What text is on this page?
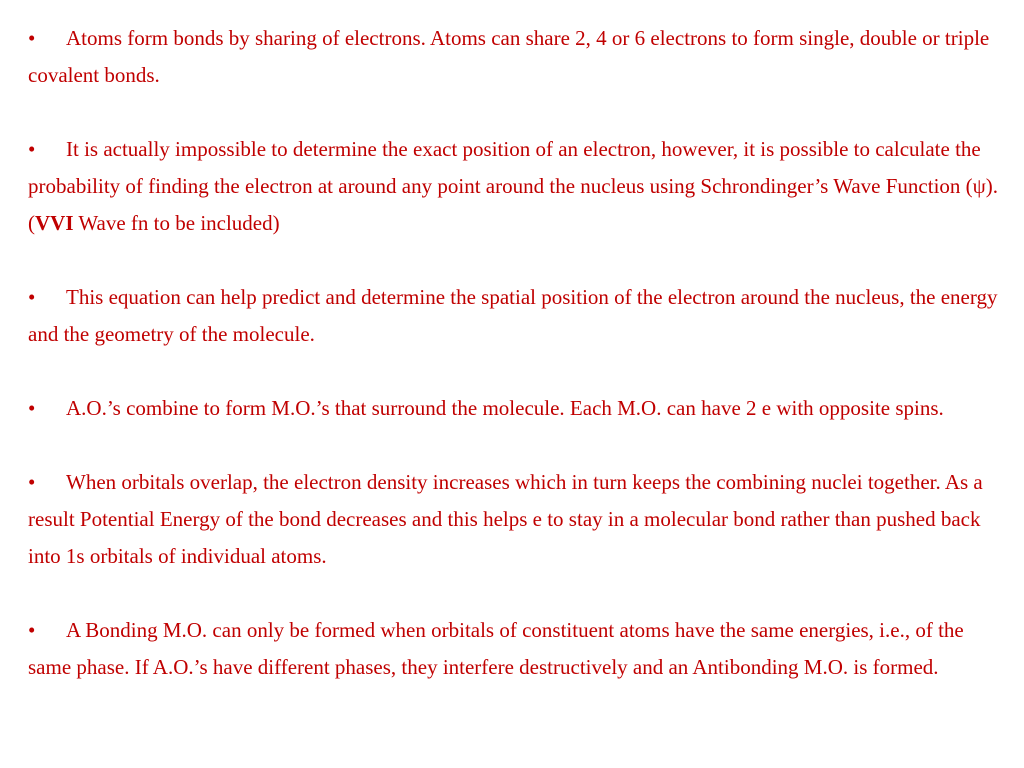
• Atoms form bonds by sharing of electrons. Atoms can share 2, 4 or 6 electrons to form single, double or triple covalent bonds.

• It is actually impossible to determine the exact position of an electron, however, it is possible to calculate the probability of finding the electron at around any point around the nucleus using Schrondinger’s Wave Function (ψ). (VVI Wave fn to be included)

• This equation can help predict and determine the spatial position of the electron around the nucleus, the energy and the geometry of the molecule.

• A.O.’s combine to form M.O.’s that surround the molecule. Each M.O. can have 2 e with opposite spins.

• When orbitals overlap, the electron density increases which in turn keeps the combining nuclei together. As a result Potential Energy of the bond decreases and this helps e to stay in a molecular bond rather than pushed back into 1s orbitals of individual atoms.

• A Bonding M.O. can only be formed when orbitals of constituent atoms have the same energies, i.e., of the same phase. If A.O.’s have different phases, they interfere destructively and an Antibonding M.O. is formed.
